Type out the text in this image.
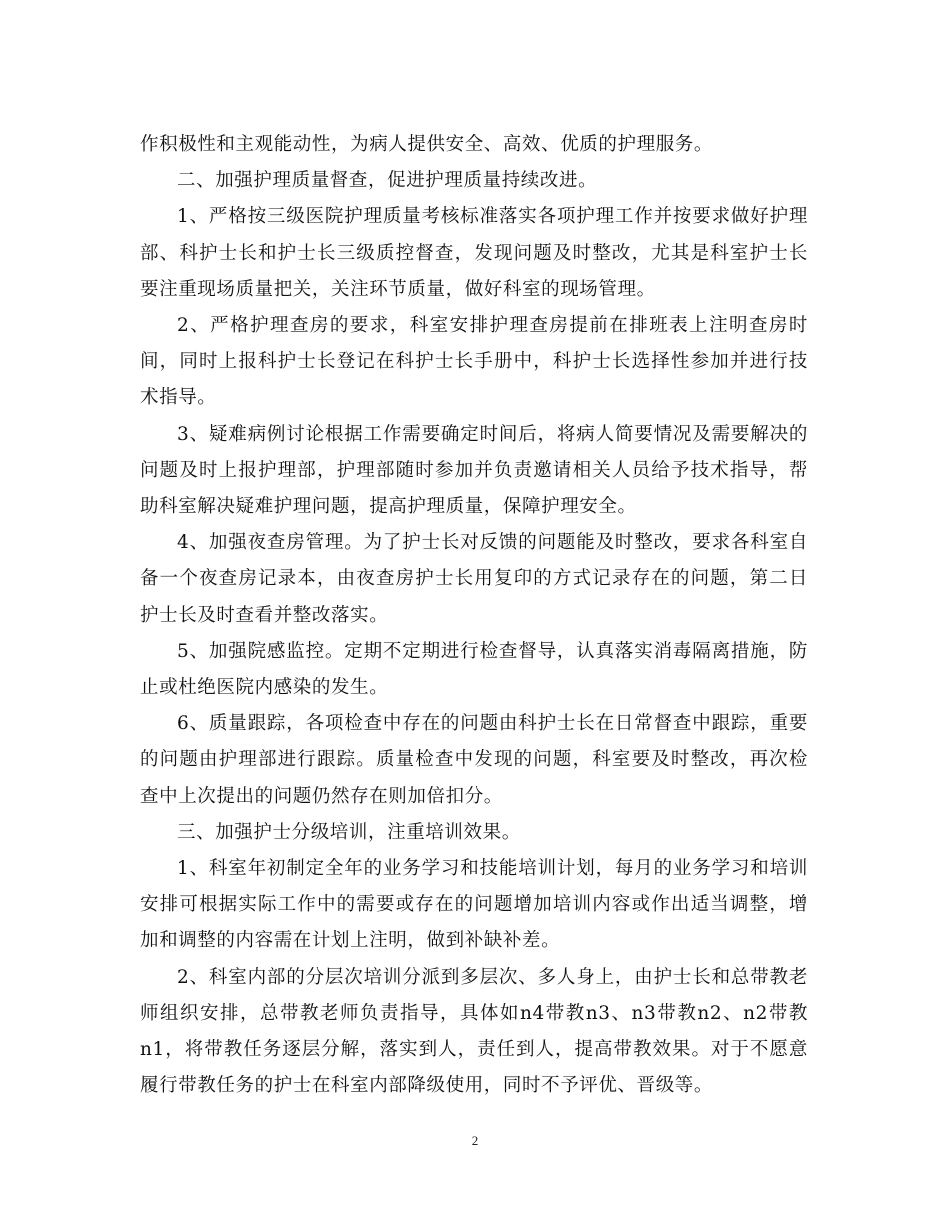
作积极性和主观能动性，为病人提供安全、高效、优质的护理服务。

二、加强护理质量督查，促进护理质量持续改进。

1、严格按三级医院护理质量考核标准落实各项护理工作并按要求做好护理部、科护士长和护士长三级质控督查，发现问题及时整改，尤其是科室护士长要注重现场质量把关，关注环节质量，做好科室的现场管理。

2、严格护理查房的要求，科室安排护理查房提前在排班表上注明查房时间，同时上报科护士长登记在科护士长手册中，科护士长选择性参加并进行技术指导。

3、疑难病例讨论根据工作需要确定时间后，将病人简要情况及需要解决的问题及时上报护理部，护理部随时参加并负责邀请相关人员给予技术指导，帮助科室解决疑难护理问题，提高护理质量，保障护理安全。

4、加强夜查房管理。为了护士长对反馈的问题能及时整改，要求各科室自备一个夜查房记录本，由夜查房护士长用复印的方式记录存在的问题，第二日护士长及时查看并整改落实。

5、加强院感监控。定期不定期进行检查督导，认真落实消毒隔离措施，防止或杜绝医院内感染的发生。

6、质量跟踪，各项检查中存在的问题由科护士长在日常督查中跟踪，重要的问题由护理部进行跟踪。质量检查中发现的问题，科室要及时整改，再次检查中上次提出的问题仍然存在则加倍扣分。

三、加强护士分级培训，注重培训效果。

1、科室年初制定全年的业务学习和技能培训计划，每月的业务学习和培训安排可根据实际工作中的需要或存在的问题增加培训内容或作出适当调整，增加和调整的内容需在计划上注明，做到补缺补差。

2、科室内部的分层次培训分派到多层次、多人身上，由护士长和总带教老师组织安排，总带教老师负责指导，具体如n4带教n3、n3带教n2、n2带教n1，将带教任务逐层分解，落实到人，责任到人，提高带教效果。对于不愿意履行带教任务的护士在科室内部降级使用，同时不予评优、晋级等。

2
